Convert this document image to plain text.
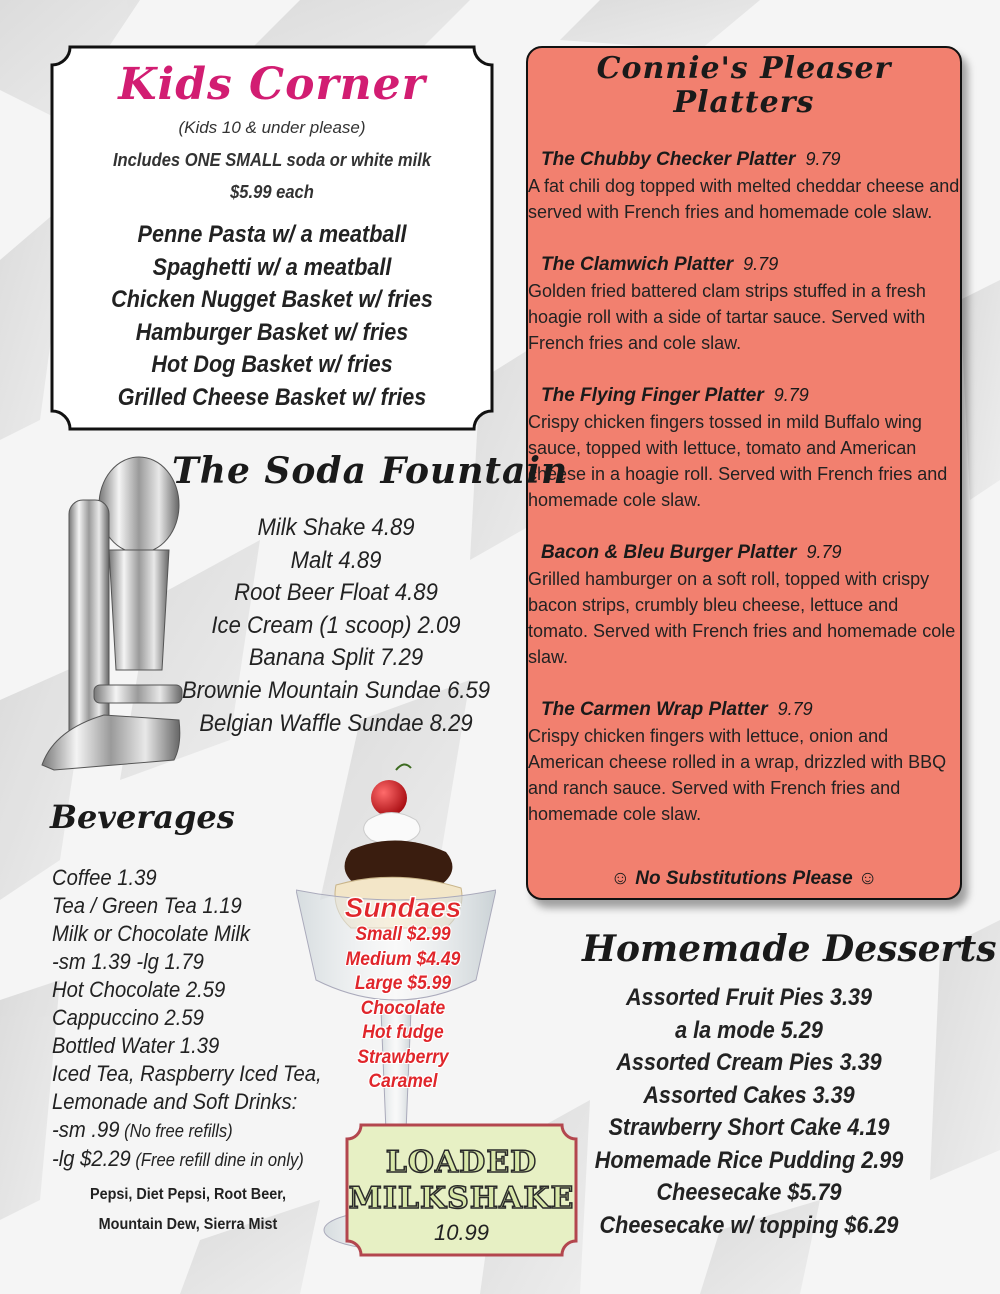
Kids Corner
(Kids 10 & under please)
Includes ONE SMALL soda or white milk
$5.99 each
Penne Pasta w/ a meatball
Spaghetti w/ a meatball
Chicken Nugget Basket w/ fries
Hamburger Basket w/ fries
Hot Dog Basket w/ fries
Grilled Cheese Basket w/ fries
Connie's Pleaser
Platters
The Chubby Checker Platter 9.79
A fat chili dog topped with melted cheddar cheese and served with French fries and homemade cole slaw.
The Clamwich Platter 9.79
Golden fried battered clam strips stuffed in a fresh hoagie roll with a side of tartar sauce. Served with French fries and cole slaw.
The Flying Finger Platter 9.79
Crispy chicken fingers tossed in mild Buffalo wing sauce, topped with lettuce, tomato and American cheese in a hoagie roll. Served with French fries and homemade cole slaw.
Bacon & Bleu Burger Platter 9.79
Grilled hamburger on a soft roll, topped with crispy bacon strips, crumbly bleu cheese, lettuce and tomato. Served with French fries and homemade cole slaw.
The Carmen Wrap Platter 9.79
Crispy chicken fingers with lettuce, onion and American cheese rolled in a wrap, drizzled with BBQ and ranch sauce. Served with French fries and homemade cole slaw.
☺ No Substitutions Please ☺
The Soda Fountain
Milk Shake 4.89
Malt 4.89
Root Beer Float 4.89
Ice Cream (1 scoop) 2.09
Banana Split 7.29
Brownie Mountain Sundae 6.59
Belgian Waffle Sundae 8.29
Sundaes
Small $2.99
Medium $4.49
Large $5.99
Chocolate
Hot fudge
Strawberry
Caramel
Beverages
Coffee 1.39
Tea / Green Tea 1.19
Milk or Chocolate Milk
-sm 1.39 -lg 1.79
Hot Chocolate 2.59
Cappuccino 2.59
Bottled Water 1.39
Iced Tea, Raspberry Iced Tea,
Lemonade and Soft Drinks:
-sm .99 (No free refills)
-lg $2.29 (Free refill dine in only)
Pepsi, Diet Pepsi, Root Beer,
Mountain Dew, Sierra Mist
LOADED
MILKSHAKE
10.99
Homemade Desserts
Assorted Fruit Pies 3.39
a la mode 5.29
Assorted Cream Pies 3.39
Assorted Cakes 3.39
Strawberry Short Cake 4.19
Homemade Rice Pudding 2.99
Cheesecake $5.79
Cheesecake w/ topping $6.29
